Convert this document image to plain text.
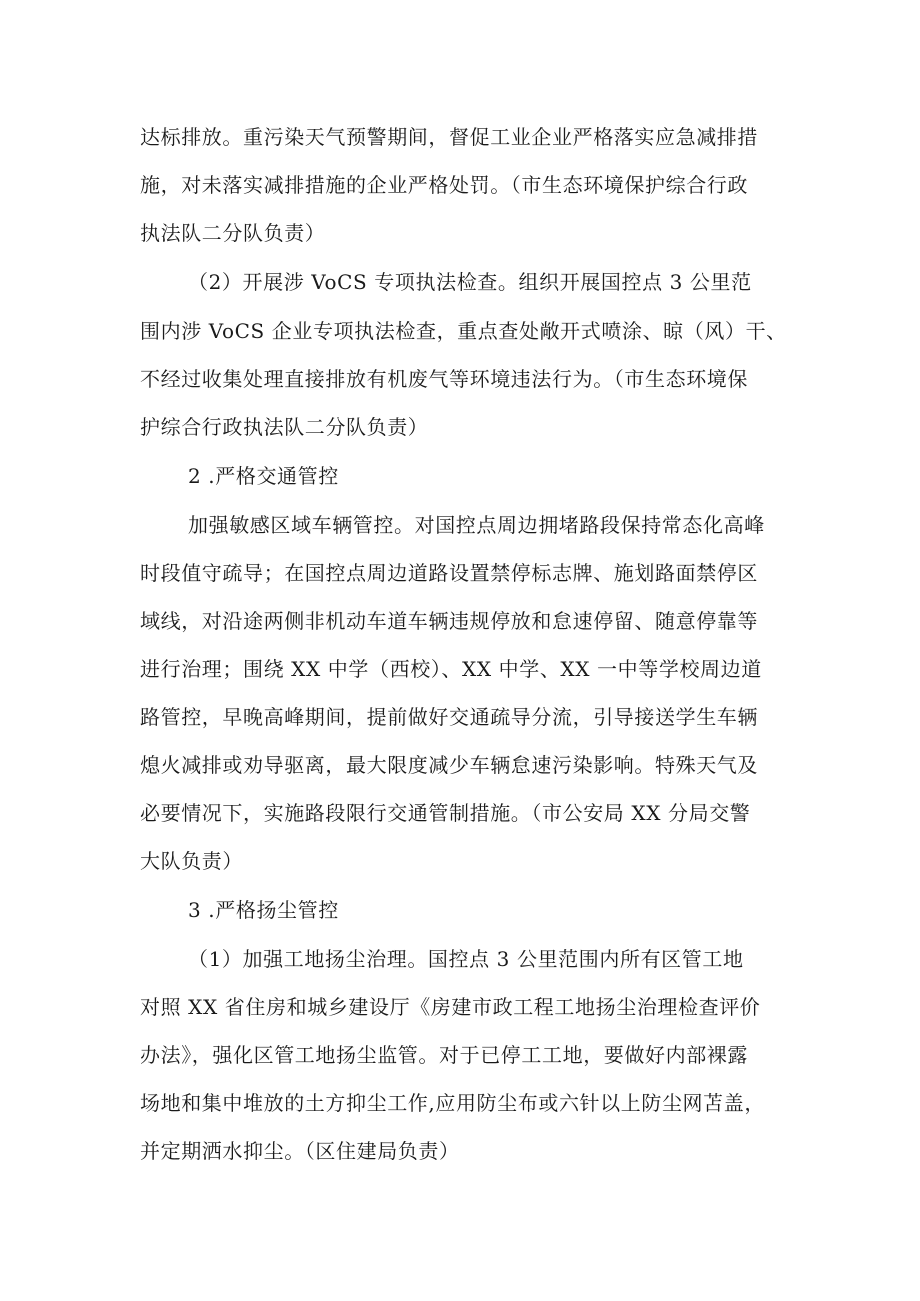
达标排放。重污染天气预警期间，督促工业企业严格落实应急减排措
施，对未落实减排措施的企业严格处罚。（市生态环境保护综合行政
执法队二分队负责）
（2）开展涉 VoCS 专项执法检查。组织开展国控点 3 公里范
围内涉 VoCS 企业专项执法检查，重点查处敞开式喷涂、晾（风）干、
不经过收集处理直接排放有机废气等环境违法行为。（市生态环境保
护综合行政执法队二分队负责）
2 .严格交通管控
加强敏感区域车辆管控。对国控点周边拥堵路段保持常态化高峰
时段值守疏导；在国控点周边道路设置禁停标志牌、施划路面禁停区
域线，对沿途两侧非机动车道车辆违规停放和怠速停留、随意停靠等
进行治理；围绕 XX 中学（西校）、XX 中学、XX 一中等学校周边道
路管控，早晚高峰期间，提前做好交通疏导分流，引导接送学生车辆
熄火减排或劝导驱离，最大限度减少车辆怠速污染影响。特殊天气及
必要情况下，实施路段限行交通管制措施。（市公安局 XX 分局交警
大队负责）
3 .严格扬尘管控
（1）加强工地扬尘治理。国控点 3 公里范围内所有区管工地
对照 XX 省住房和城乡建设厅《房建市政工程工地扬尘治理检查评价
办法》，强化区管工地扬尘监管。对于已停工工地，要做好内部裸露
场地和集中堆放的土方抑尘工作,应用防尘布或六针以上防尘网苫盖，
并定期洒水抑尘。（区住建局负责）
